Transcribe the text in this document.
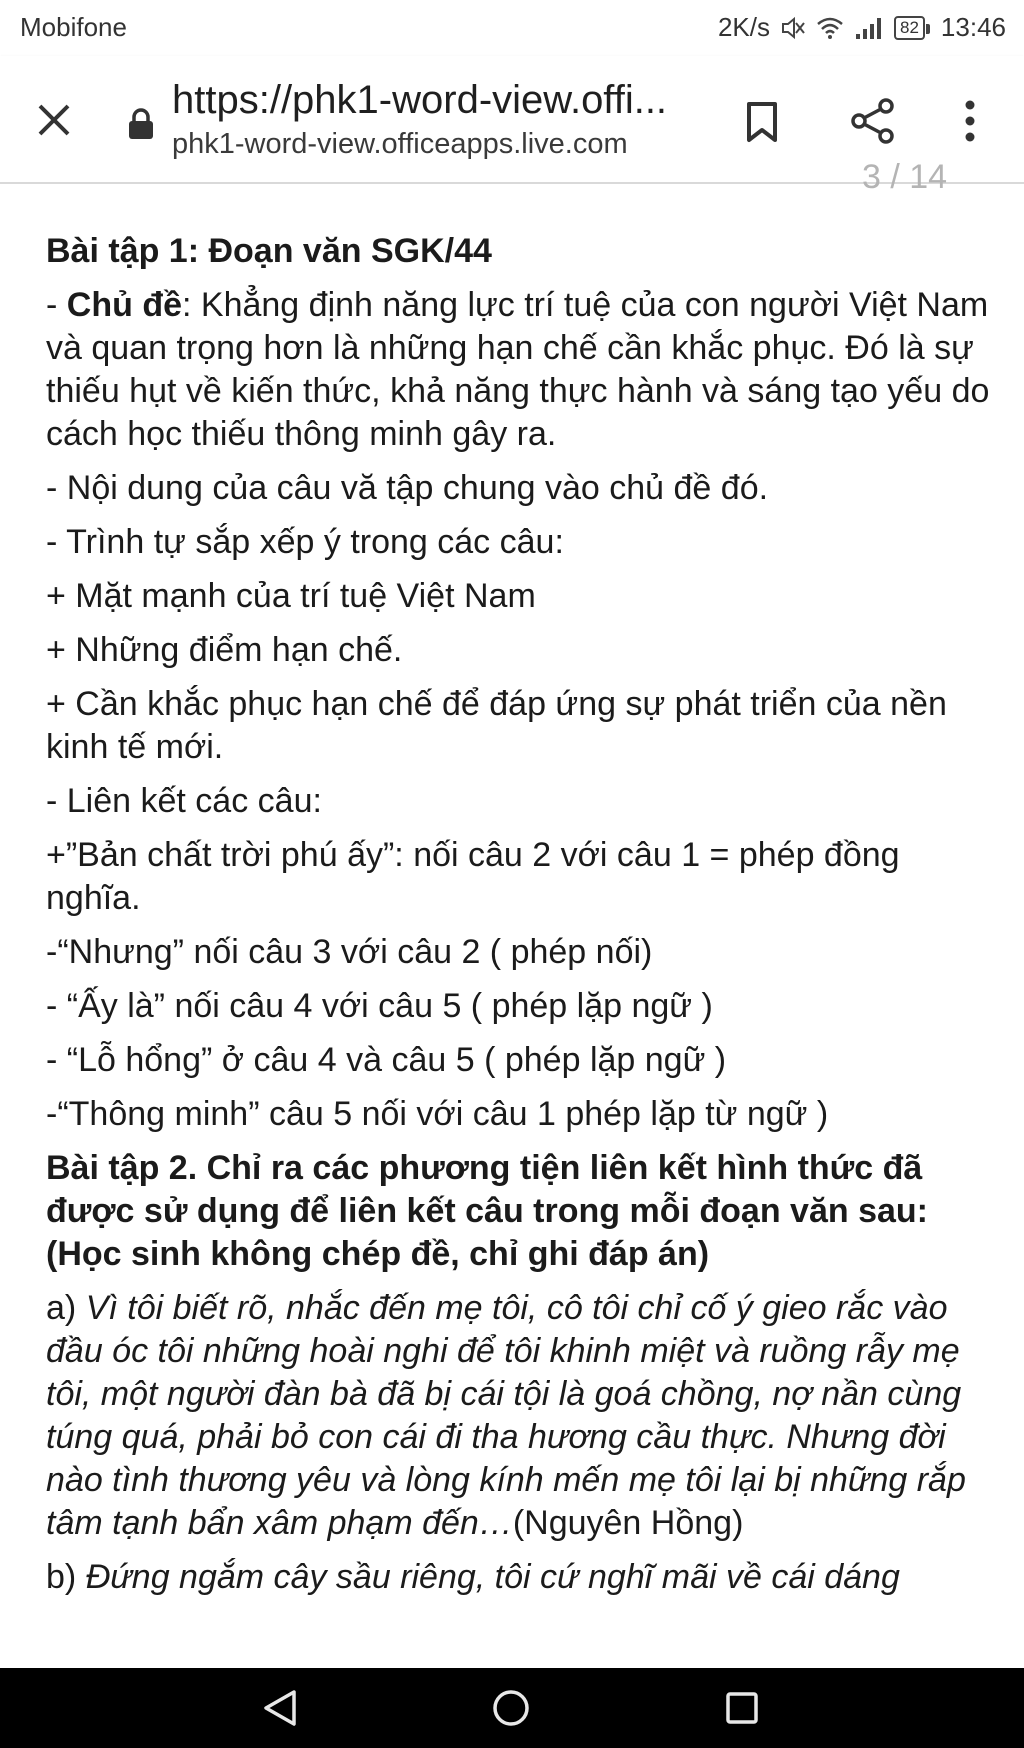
Mobifone	2K/s	82 13:46
https://phk1-word-view.offi...
phk1-word-view.officeapps.live.com
3 / 14

Bài tập 1: Đoạn văn SGK/44

- Chủ đề: Khẳng định năng lực trí tuệ của con người Việt Nam và quan trọng hơn là những hạn chế cần khắc phục. Đó là sự thiếu hụt về kiến thức, khả năng thực hành và sáng tạo yếu do cách học thiếu thông minh gây ra.

- Nội dung của câu vă tập chung vào chủ đề đó.

- Trình tự sắp xếp ý trong các câu:

+ Mặt mạnh của trí tuệ Việt Nam

+ Những điểm hạn chế.

+ Cần khắc phục hạn chế để đáp ứng sự phát triển của nền kinh tế mới.

- Liên kết các câu:

+”Bản chất trời phú ấy”: nối câu 2 với câu 1 = phép đồng nghĩa.

-“Nhưng” nối câu 3 với câu 2 ( phép nối)

- “Ấy là” nối câu 4 với câu 5 ( phép lặp ngữ )

- “Lỗ hổng” ở câu 4 và câu 5 ( phép lặp ngữ )

-“Thông minh” câu 5 nối với câu 1 phép lặp từ ngữ )

Bài tập 2. Chỉ ra các phương tiện liên kết hình thức đã được sử dụng để liên kết câu trong mỗi đoạn văn sau: (Học sinh không chép đề, chỉ ghi đáp án)

a) Vì tôi biết rõ, nhắc đến mẹ tôi, cô tôi chỉ cố ý gieo rắc vào đầu óc tôi những hoài nghi để tôi khinh miệt và ruồng rẫy mẹ tôi, một người đàn bà đã bị cái tội là goá chồng, nợ nần cùng túng quá, phải bỏ con cái đi tha hương cầu thực. Nhưng đời nào tình thương yêu và lòng kính mến mẹ tôi lại bị những rắp tâm tạnh bẩn xâm phạm đến…(Nguyên Hồng)

b) Đứng ngắm cây sầu riêng, tôi cứ nghĩ mãi về cái dáng
